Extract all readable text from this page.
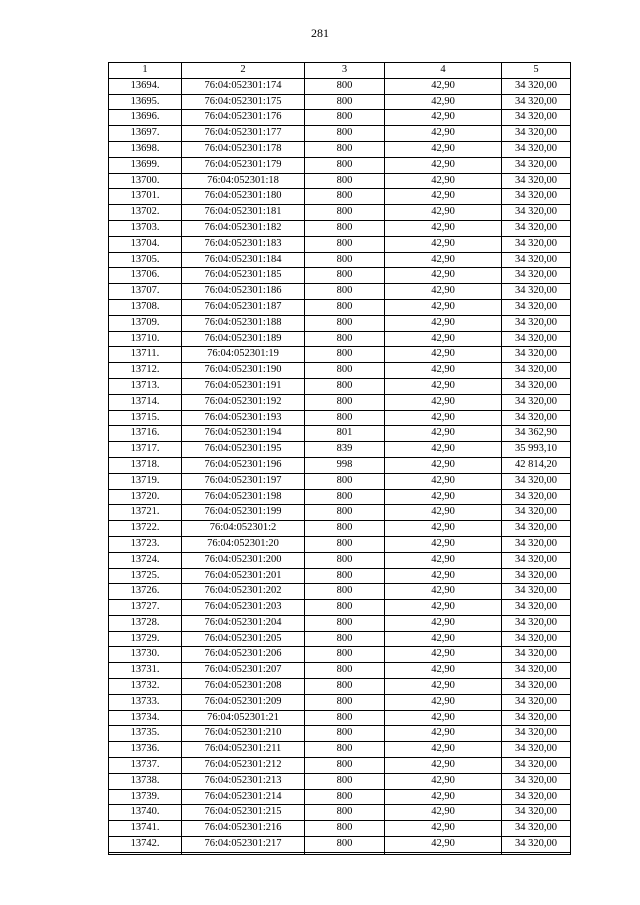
281
1	2	3	4	5
13694.	76:04:052301:174	800	42,90	34 320,00
13695.	76:04:052301:175	800	42,90	34 320,00
13696.	76:04:052301:176	800	42,90	34 320,00
13697.	76:04:052301:177	800	42,90	34 320,00
13698.	76:04:052301:178	800	42,90	34 320,00
13699.	76:04:052301:179	800	42,90	34 320,00
13700.	76:04:052301:18	800	42,90	34 320,00
13701.	76:04:052301:180	800	42,90	34 320,00
13702.	76:04:052301:181	800	42,90	34 320,00
13703.	76:04:052301:182	800	42,90	34 320,00
13704.	76:04:052301:183	800	42,90	34 320,00
13705.	76:04:052301:184	800	42,90	34 320,00
13706.	76:04:052301:185	800	42,90	34 320,00
13707.	76:04:052301:186	800	42,90	34 320,00
13708.	76:04:052301:187	800	42,90	34 320,00
13709.	76:04:052301:188	800	42,90	34 320,00
13710.	76:04:052301:189	800	42,90	34 320,00
13711.	76:04:052301:19	800	42,90	34 320,00
13712.	76:04:052301:190	800	42,90	34 320,00
13713.	76:04:052301:191	800	42,90	34 320,00
13714.	76:04:052301:192	800	42,90	34 320,00
13715.	76:04:052301:193	800	42,90	34 320,00
13716.	76:04:052301:194	801	42,90	34 362,90
13717.	76:04:052301:195	839	42,90	35 993,10
13718.	76:04:052301:196	998	42,90	42 814,20
13719.	76:04:052301:197	800	42,90	34 320,00
13720.	76:04:052301:198	800	42,90	34 320,00
13721.	76:04:052301:199	800	42,90	34 320,00
13722.	76:04:052301:2	800	42,90	34 320,00
13723.	76:04:052301:20	800	42,90	34 320,00
13724.	76:04:052301:200	800	42,90	34 320,00
13725.	76:04:052301:201	800	42,90	34 320,00
13726.	76:04:052301:202	800	42,90	34 320,00
13727.	76:04:052301:203	800	42,90	34 320,00
13728.	76:04:052301:204	800	42,90	34 320,00
13729.	76:04:052301:205	800	42,90	34 320,00
13730.	76:04:052301:206	800	42,90	34 320,00
13731.	76:04:052301:207	800	42,90	34 320,00
13732.	76:04:052301:208	800	42,90	34 320,00
13733.	76:04:052301:209	800	42,90	34 320,00
13734.	76:04:052301:21	800	42,90	34 320,00
13735.	76:04:052301:210	800	42,90	34 320,00
13736.	76:04:052301:211	800	42,90	34 320,00
13737.	76:04:052301:212	800	42,90	34 320,00
13738.	76:04:052301:213	800	42,90	34 320,00
13739.	76:04:052301:214	800	42,90	34 320,00
13740.	76:04:052301:215	800	42,90	34 320,00
13741.	76:04:052301:216	800	42,90	34 320,00
13742.	76:04:052301:217	800	42,90	34 320,00
